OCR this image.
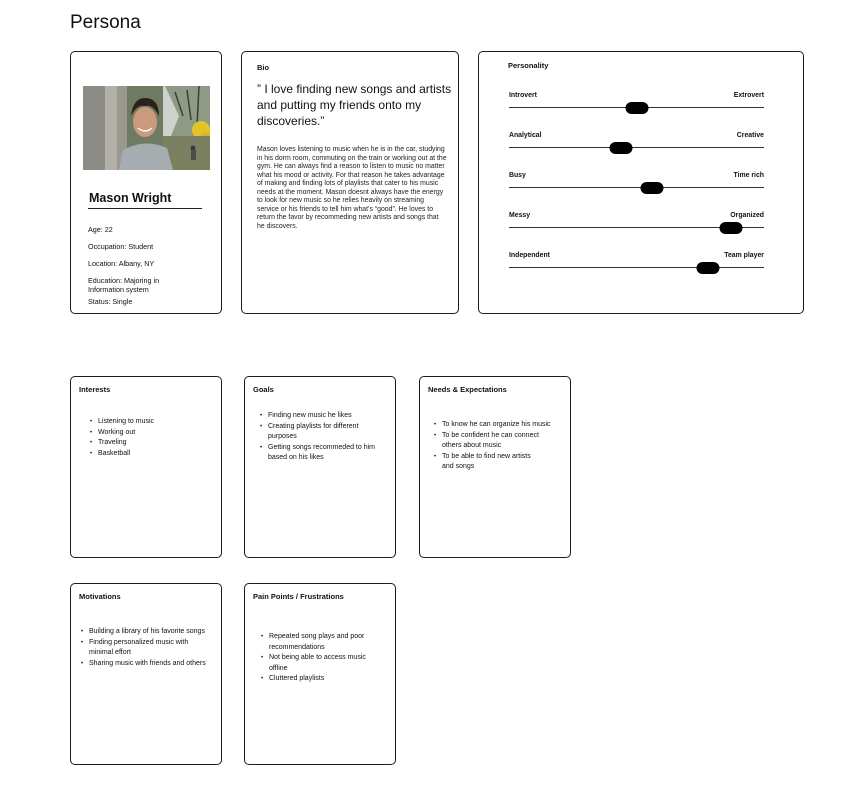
Persona
Mason Wright
Age: 22
Occupation: Student
Location: Albany, NY
Education: Majoring in Information system
Status: Single
Bio
” I love finding new songs and artists and putting my friends onto my discoveries.”
Mason loves listening to music when he is in the car, studying in his dorm room, commuting on the train or working out at the gym. He can always find a reason to listen to music no matter what his mood or activity. For that reason he takes advantage of making and finding lots of playlists that cater to his music needs at the moment. Mason doesnt always have the energy to look for new music so he relies heavily on streaming service or his friends to tell him what’s “good”. He loves to return the favor by recommeding new artists and songs that he discovers.
Personality
Introvert	Extrovert
Analytical	Creative
Busy	Time rich
Messy	Organized
Independent	Team player
Interests
• Listening to music
• Working out
• Traveling
• Basketball
Goals
• Finding new music he likes
• Creating playlists for different
purposes
• Getting songs recommeded to him
based on his likes
Needs & Expectations
• To know he can organize his music
• To be confident he can connect
others about music
• To be able to find new artists
and songs
Motivations
• Building a library of his favorite songs
• Finding personalized music with
minimal effort
• Sharing music with friends and others
Pain Points / Frustrations
• Repeated song plays and poor
recommendations
• Not being able to access music
offline
• Cluttered playlists
